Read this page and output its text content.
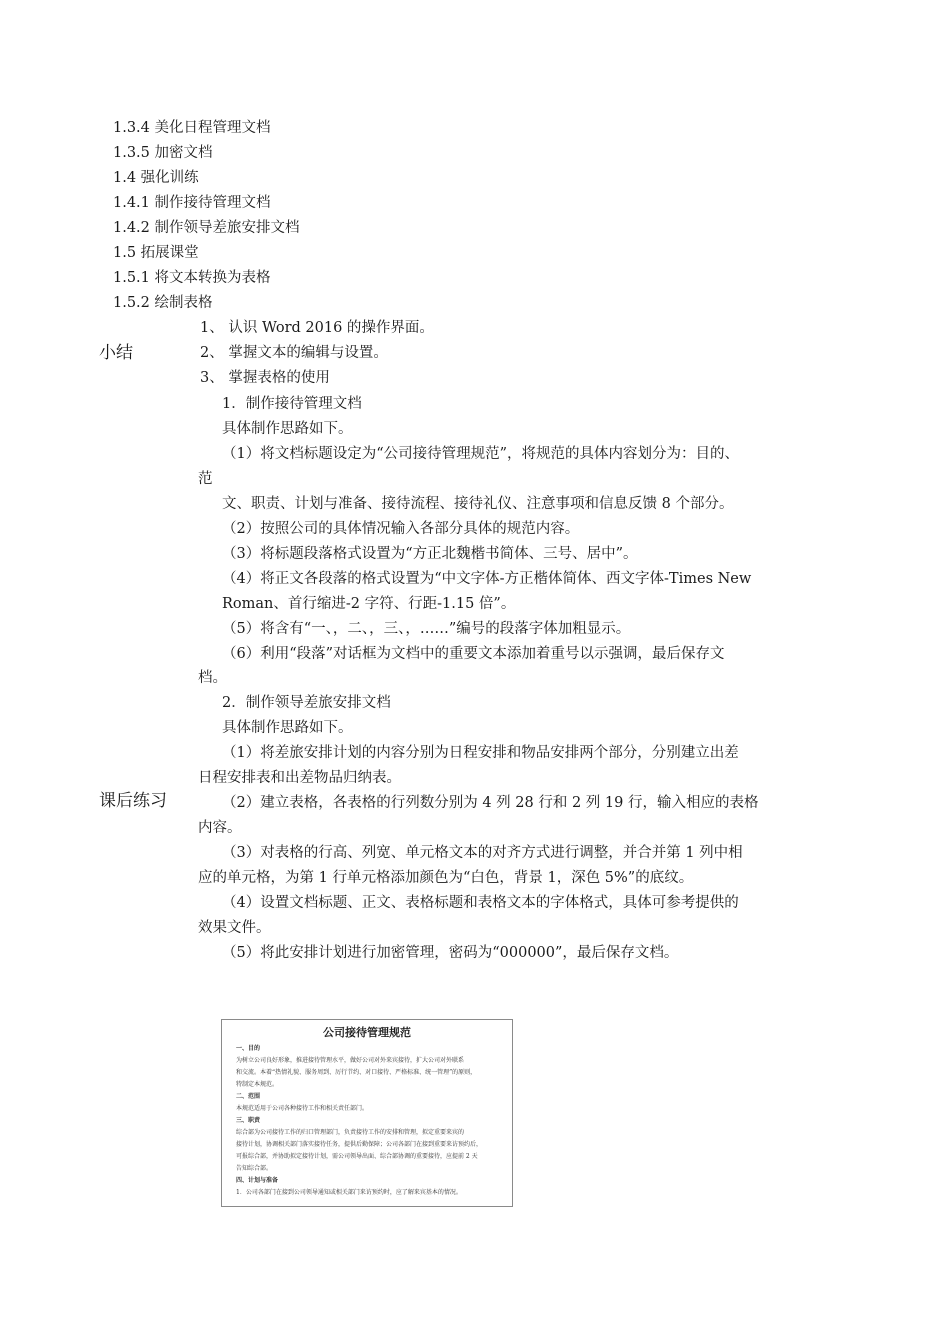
1.3.4 美化日程管理文档
1.3.5 加密文档
1.4 强化训练
1.4.1 制作接待管理文档
1.4.2 制作领导差旅安排文档
1.5 拓展课堂
1.5.1 将文本转换为表格
1.5.2 绘制表格
小结
1、 认识 Word 2016 的操作界面。
2、 掌握文本的编辑与设置。
3、 掌握表格的使用
课后练习
1．制作接待管理文档
具体制作思路如下。
（1）将文档标题设定为“公司接待管理规范”，将规范的具体内容划分为：目的、
范
文、职责、计划与准备、接待流程、接待礼仪、注意事项和信息反馈 8 个部分。
（2）按照公司的具体情况输入各部分具体的规范内容。
（3）将标题段落格式设置为“方正北魏楷书简体、三号、居中”。
（4）将正文各段落的格式设置为“中文字体-方正楷体简体、西文字体-Times New
Roman、首行缩进-2 字符、行距-1.15 倍”。
（5）将含有“一、，二、，三、，……”编号的段落字体加粗显示。
（6）利用“段落”对话框为文档中的重要文本添加着重号以示强调，最后保存文
档。
2．制作领导差旅安排文档
具体制作思路如下。
（1）将差旅安排计划的内容分别为日程安排和物品安排两个部分，分别建立出差
日程安排表和出差物品归纳表。
（2）建立表格，各表格的行列数分别为 4 列 28 行和 2 列 19 行，输入相应的表格
内容。
（3）对表格的行高、列宽、单元格文本的对齐方式进行调整，并合并第 1 列中相
应的单元格，为第 1 行单元格添加颜色为“白色，背景 1，深色 5%”的底纹。
（4）设置文档标题、正文、表格标题和表格文本的字体格式，具体可参考提供的
效果文件。
（5）将此安排计划进行加密管理，密码为“000000”，最后保存文档。
公司接待管理规范
一、目的
为树立公司良好形象，推进接待管理水平，做好公司对外来宾接待，扩大公司对外联系
和交流。本着“热情礼貌、服务周到、厉行节约、对口接待、严格标准、统一管理”的原则，
特制定本规范。
二、范围
本规范适用于公司各种接待工作和相关责任部门。
三、职责
综合部为公司接待工作的归口管理部门，负责接待工作的安排和管理，拟定重要来宾的
接待计划，协调相关部门落实接待任务，提供后勤保障；公司各部门在接到重要来访预约后，
可报综合部，并协助拟定接待计划，需公司领导出面、综合部协调的重要接待，应提前 2 天
告知综合部。
四、计划与准备
1．公司各部门在接到公司领导通知或相关部门来访预约时，应了解来宾基本的情况。
